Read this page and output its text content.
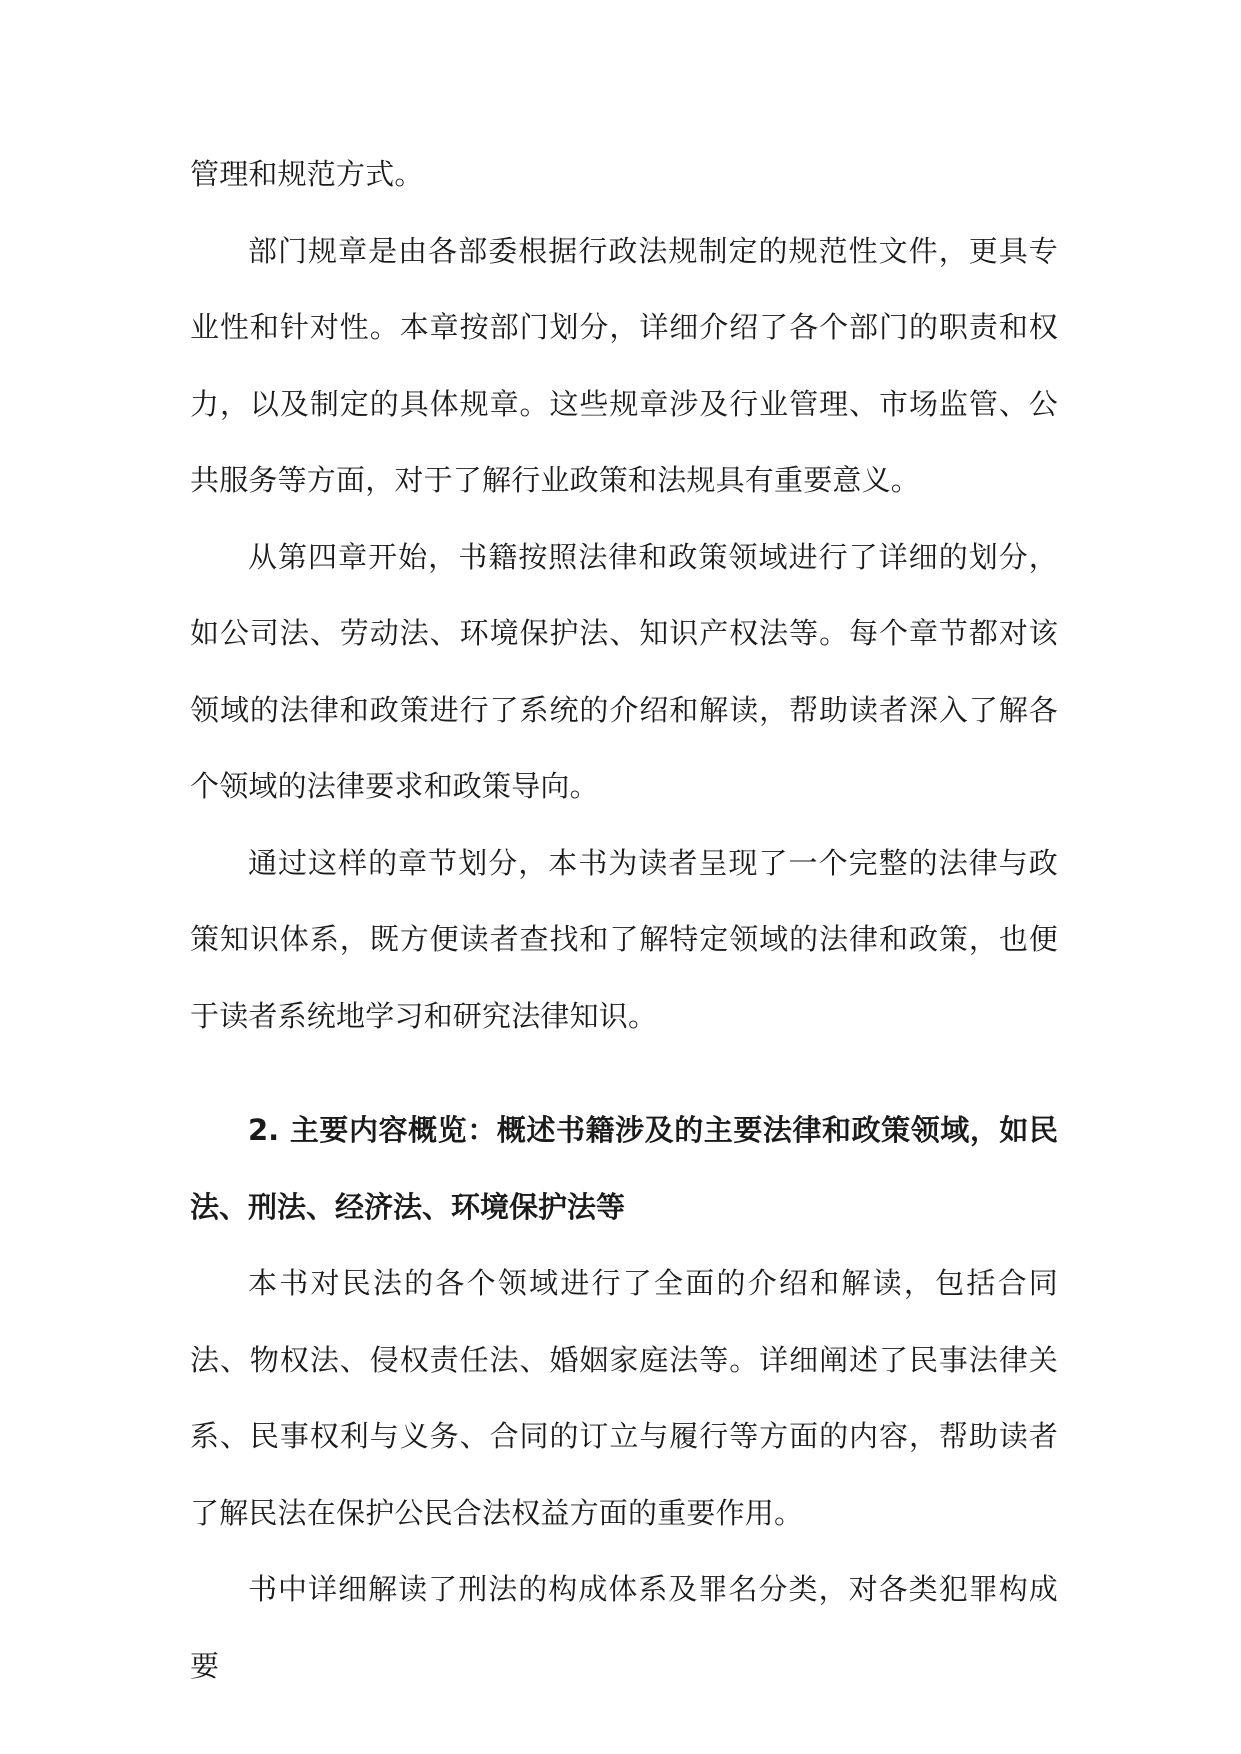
管理和规范方式。

部门规章是由各部委根据行政法规制定的规范性文件，更具专业性和针对性。本章按部门划分，详细介绍了各个部门的职责和权力，以及制定的具体规章。这些规章涉及行业管理、市场监管、公共服务等方面，对于了解行业政策和法规具有重要意义。

从第四章开始，书籍按照法律和政策领域进行了详细的划分，如公司法、劳动法、环境保护法、知识产权法等。每个章节都对该领域的法律和政策进行了系统的介绍和解读，帮助读者深入了解各个领域的法律要求和政策导向。

通过这样的章节划分，本书为读者呈现了一个完整的法律与政策知识体系，既方便读者查找和了解特定领域的法律和政策，也便于读者系统地学习和研究法律知识。

2. 主要内容概览：概述书籍涉及的主要法律和政策领域，如民法、刑法、经济法、环境保护法等

本书对民法的各个领域进行了全面的介绍和解读，包括合同法、物权法、侵权责任法、婚姻家庭法等。详细阐述了民事法律关系、民事权利与义务、合同的订立与履行等方面的内容，帮助读者了解民法在保护公民合法权益方面的重要作用。

书中详细解读了刑法的构成体系及罪名分类，对各类犯罪构成要
